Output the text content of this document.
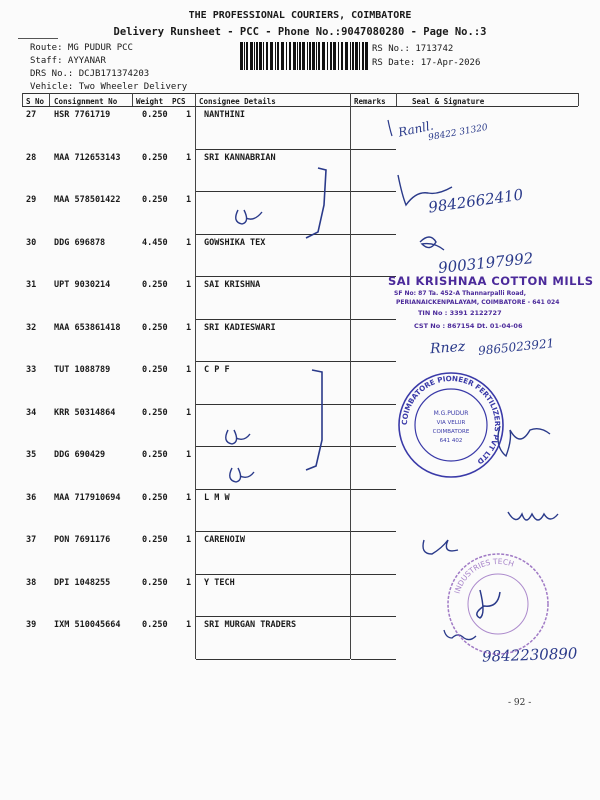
THE PROFESSIONAL COURIERS, COIMBATORE
Delivery Runsheet - PCC - Phone No.:9047080280 - Page No.:3
Route: MG PUDUR PCC
Staff: AYYANAR
DRS No.: DCJB171374203
Vehicle: Two Wheeler Delivery
RS No.: 1713742
RS Date: 17-Apr-2026
S No Consignment No	Weight PCS Consignee Details	Remarks	Seal & Signature
27 HSR 7761719	0.250 1 NANTHINI
28 MAA 712653143	0.250 1 SRI KANNABRIAN
29 MAA 578501422	0.250 1
30 DDG 696878	4.450 1 GOWSHIKA TEX
31 UPT 9030214	0.250 1 SAI KRISHNA
32 MAA 653861418	0.250 1 SRI KADIESWARI
33 TUT 1088789	0.250 1 C P F
34 KRR 50314864	0.250 1
35 DDG 690429	0.250 1
36 MAA 717910694	0.250 1 L M W
37 PON 7691176	0.250 1 CARENOIW
38 DPI 1048255	0.250 1 Y TECH
39 IXM 510045664	0.250 1 SRI MURGAN TRADERS
Ranll.
98422 31320
9842662410
9003197992
Rnez 9865023921
9842230890
- 92 -
SAI KRISHNAA COTTON MILLS
SF No: 87 Ta. 452-A Thannarpalli Road,
PERIANAICKENPALAYAM, COIMBATORE - 641 024
TIN No : 3391 2122727
CST No : 867154 Dt. 01-04-06
COIMBATORE PIONEER FERTILIZERS PVT LTD
M.G.PUDUR
VIA VELUR
COIMBATORE
641 402
INDUSTRIES TECH
